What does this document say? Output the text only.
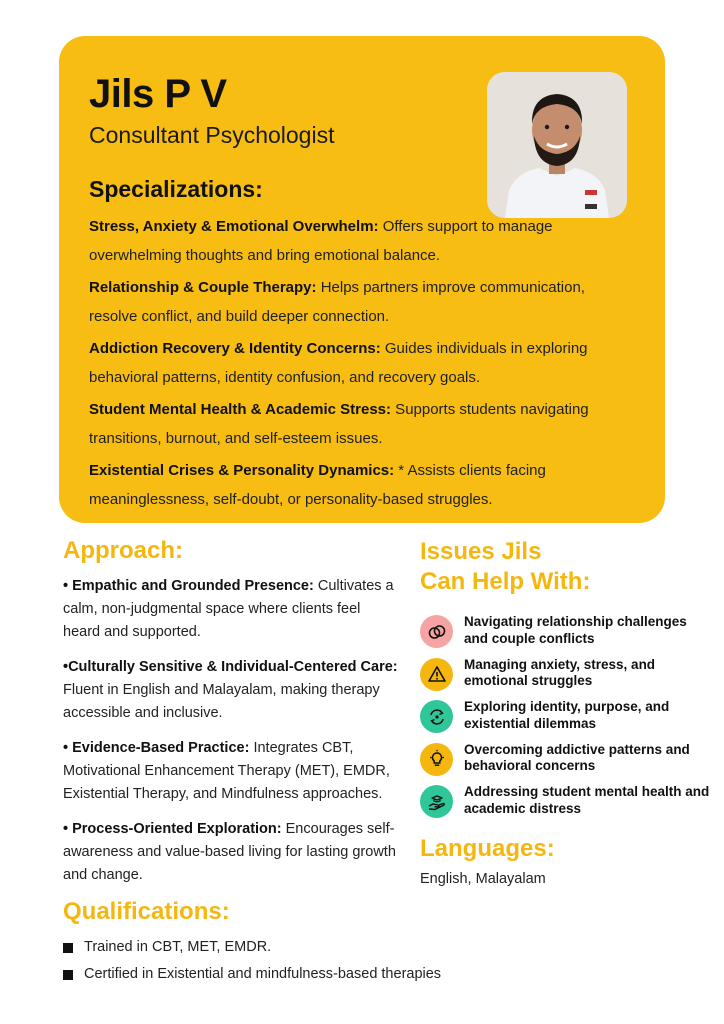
Jils P V
Consultant Psychologist
Specializations:
Stress, Anxiety & Emotional Overwhelm: Offers support to manage overwhelming thoughts and bring emotional balance.
Relationship & Couple Therapy: Helps partners improve communication, resolve conflict, and build deeper connection.
Addiction Recovery & Identity Concerns: Guides individuals in exploring behavioral patterns, identity confusion, and recovery goals.
Student Mental Health & Academic Stress: Supports students navigating transitions, burnout, and self-esteem issues.
Existential Crises & Personality Dynamics: * Assists clients facing meaninglessness, self-doubt, or personality-based struggles.
Approach:
• Empathic and Grounded Presence: Cultivates a calm, non-judgmental space where clients feel heard and supported.
•Culturally Sensitive & Individual-Centered Care: Fluent in English and Malayalam, making therapy accessible and inclusive.
• Evidence-Based Practice: Integrates CBT, Motivational Enhancement Therapy (MET), EMDR, Existential Therapy, and Mindfulness approaches.
• Process-Oriented Exploration: Encourages self-awareness and value-based living for lasting growth and change.
Issues Jils
Can Help With:
Navigating relationship challenges and couple conflicts
Managing anxiety, stress, and emotional struggles
Exploring identity, purpose, and existential dilemmas
Overcoming addictive patterns and behavioral concerns
Addressing student mental health and academic distress
Languages:
English, Malayalam
Qualifications:
Trained in CBT, MET, EMDR.
Certified in Existential and mindfulness-based therapies
